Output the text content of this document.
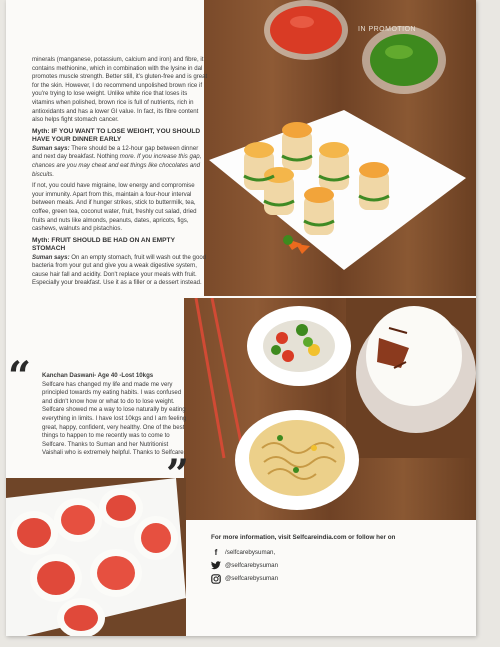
IN PROMOTION

minerals (manganese, potassium, calcium and iron) and fibre, it contains methionine, which in combination with the lysine in dal promotes muscle strength. Better still, it's gluten-free and is great for the skin. However, I do recommend unpolished brown rice if you're trying to lose weight. Unlike white rice that loses its vitamins when polished, brown rice is full of nutrients, rich in antioxidants and has a lower GI value. In fact, its fibre content also helps fight stomach cancer.

Myth: IF YOU WANT TO LOSE WEIGHT, YOU SHOULD HAVE YOUR DINNER EARLY

Suman says: There should be a 12-hour gap between dinner and next day breakfast. Nothing more. If you increase this gap, chances are you may cheat and eat things like chocolates and biscuits.

If not, you could have migraine, low energy and compromise your immunity. Apart from this, maintain a four-hour interval between meals. And if hunger strikes, stick to buttermilk, tea, coffee, green tea, coconut water, fruit, freshly cut salad, dried fruits and nuts like almonds, peanuts, dates, apricots, figs, cashews, walnuts and pistachios.

Myth: FRUIT SHOULD BE HAD ON AN EMPTY STOMACH

Suman says: On an empty stomach, fruit will wash out the good bacteria from your gut and give you a weak digestive system, cause hair fall and acidity. Don't replace your meals with fruit. Especially your breakfast. Use it as a filler or a dessert instead.

“ Kanchan Daswani- Age 40 -Lost 10kgs
Selfcare has changed my life and made me very principled towards my eating habits. I was confused and didn't know how or what to do to lose weight. Selfcare showed me a way to lose naturally by eating everything in limits. I have lost 10kgs and I am feeling great, happy, confident, very healthy. One of the best things to happen to me recently was to come to Selfcare. Thanks to Suman and her Nutritionist Vaishali who is extremely helpful. Thanks to Selfcare.
”
For more information, visit Selfcareindia.com or follow her on
f	/selfcarebysuman,
@selfcarebysuman
@selfcarebysuman
